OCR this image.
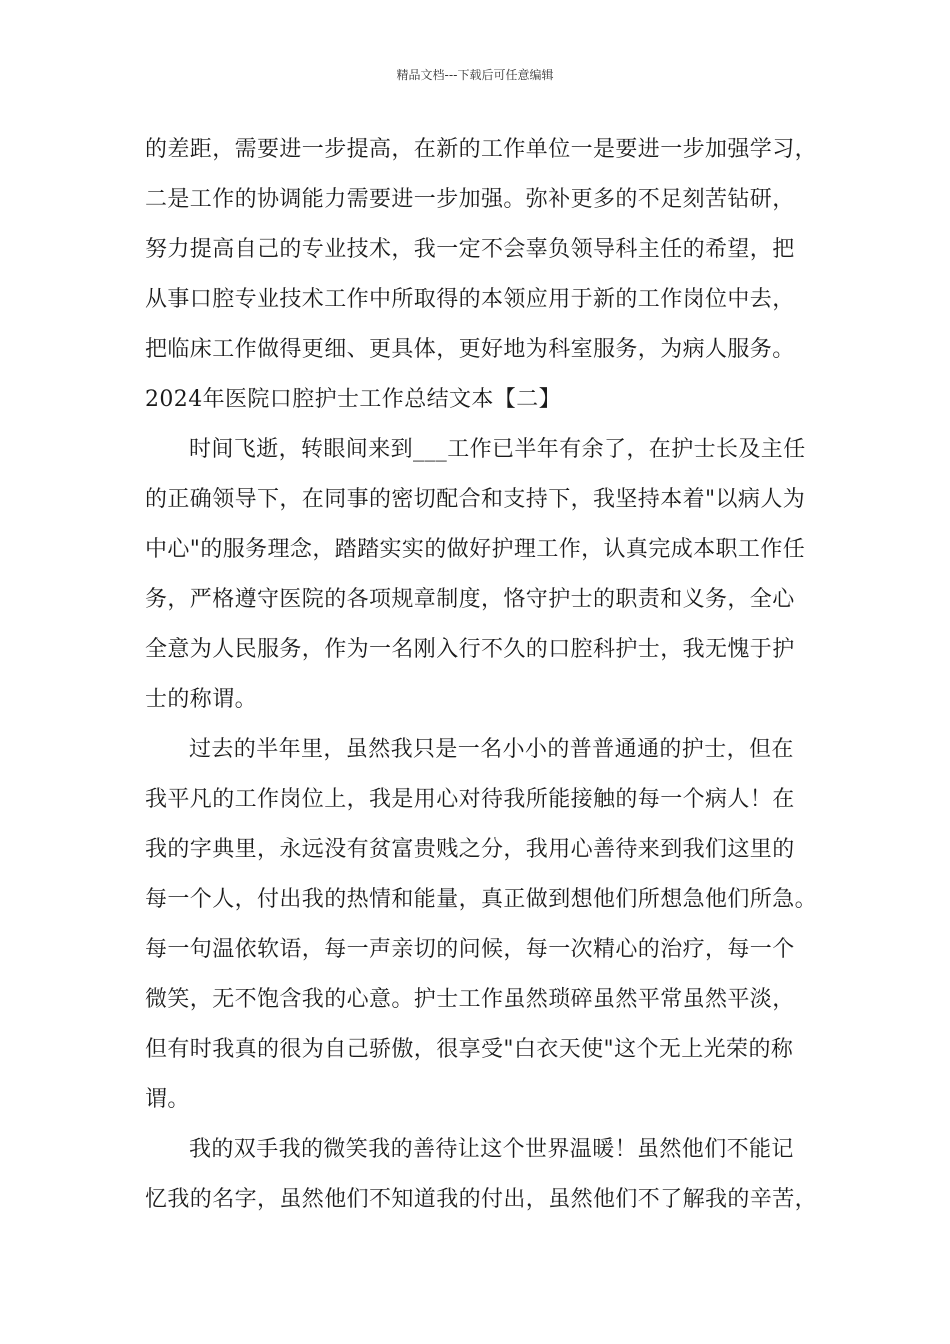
精品文档---下载后可任意编辑
的差距，需要进一步提高，在新的工作单位一是要进一步加强学习，
二是工作的协调能力需要进一步加强。弥补更多的不足刻苦钻研，
努力提高自己的专业技术，我一定不会辜负领导科主任的希望，把
从事口腔专业技术工作中所取得的本领应用于新的工作岗位中去，
把临床工作做得更细、更具体，更好地为科室服务，为病人服务。
2024年医院口腔护士工作总结文本【二】
时间飞逝，转眼间来到___工作已半年有余了，在护士长及主任
的正确领导下，在同事的密切配合和支持下，我坚持本着"以病人为
中心"的服务理念，踏踏实实的做好护理工作，认真完成本职工作任
务，严格遵守医院的各项规章制度，恪守护士的职责和义务，全心
全意为人民服务，作为一名刚入行不久的口腔科护士，我无愧于护
士的称谓。
过去的半年里，虽然我只是一名小小的普普通通的护士，但在
我平凡的工作岗位上，我是用心对待我所能接触的每一个病人！在
我的字典里，永远没有贫富贵贱之分，我用心善待来到我们这里的
每一个人，付出我的热情和能量，真正做到想他们所想急他们所急。
每一句温依软语，每一声亲切的问候，每一次精心的治疗，每一个
微笑，无不饱含我的心意。护士工作虽然琐碎虽然平常虽然平淡，
但有时我真的很为自己骄傲，很享受"白衣天使"这个无上光荣的称
谓。
我的双手我的微笑我的善待让这个世界温暖！虽然他们不能记
忆我的名字，虽然他们不知道我的付出，虽然他们不了解我的辛苦，
